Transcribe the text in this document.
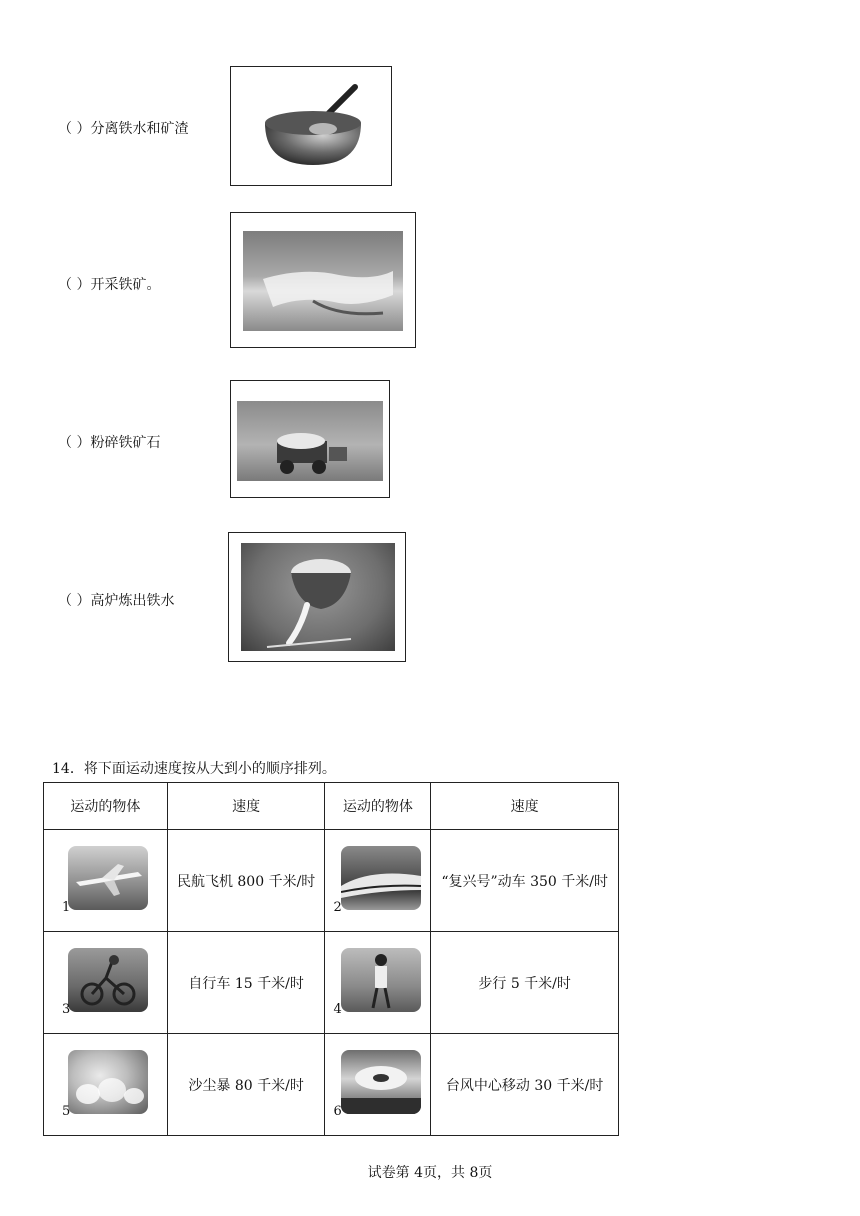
（ ）分离铁水和矿渣
（ ）开采铁矿。
（ ）粉碎铁矿石
（ ）高炉炼出铁水
14．将下面运动速度按从大到小的顺序排列。
运动的物体	速度	运动的物体	速度

1	民航飞机 800 千米/时	2	“复兴号”动车 350 千米/时

3	自行车 15 千米/时	4	步行 5 千米/时

5	沙尘暴 80 千米/时	6	台风中心移动 30 千米/时
试卷第 4页，共 8页
